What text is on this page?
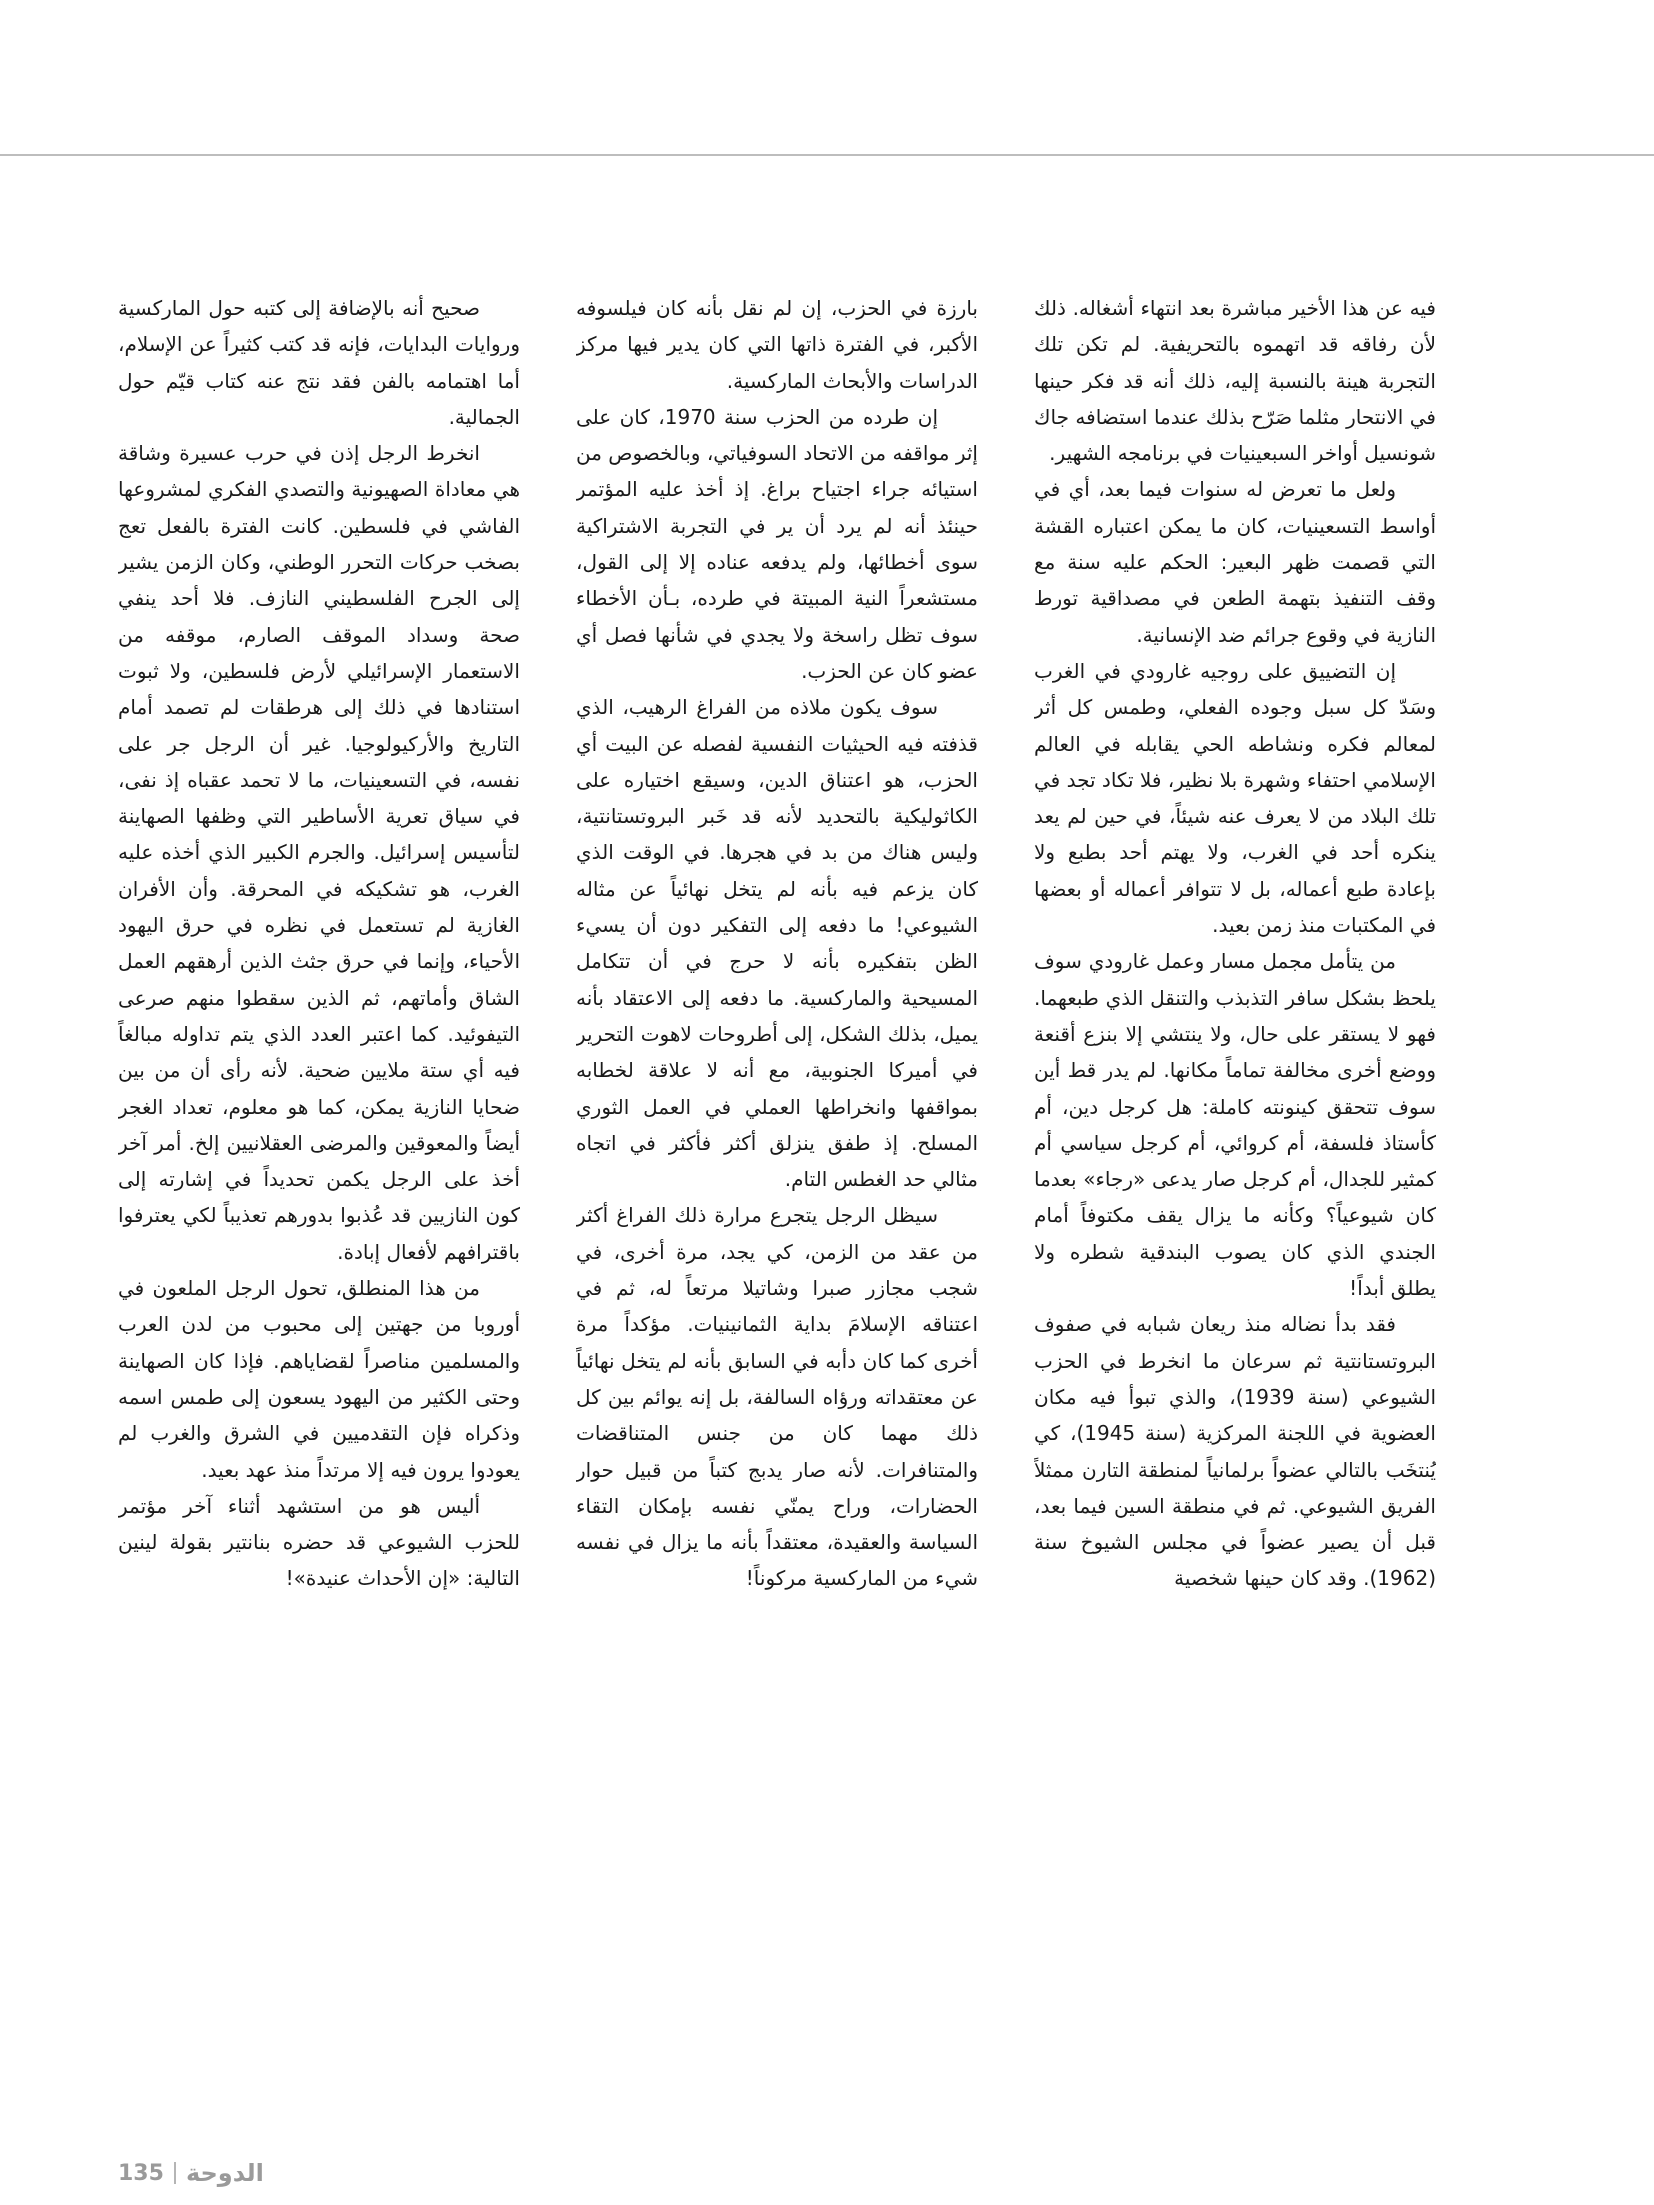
فيه عن هذا الأخير مباشرة بعد انتهاء أشغاله. ذلك لأن رفاقه قد اتهموه بالتحريفية. لم تكن تلك التجربة هينة بالنسبة إليه، ذلك أنه قد فكر حينها في الانتحار مثلما صَرّح بذلك عندما استضافه جاك شونسيل أواخر السبعينيات في برنامجه الشهير.

ولعل ما تعرض له سنوات فيما بعد، أي في أواسط التسعينيات، كان ما يمكن اعتباره القشة التي قصمت ظهر البعير: الحكم عليه سنة مع وقف التنفيذ بتهمة الطعن في مصداقية تورط النازية في وقوع جرائم ضد الإنسانية.

إن التضييق على روجيه غارودي في الغرب وسَدّ كل سبل وجوده الفعلي، وطمس كل أثر لمعالم فكره ونشاطه الحي يقابله في العالم الإسلامي احتفاء وشهرة بلا نظير، فلا تكاد تجد في تلك البلاد من لا يعرف عنه شيئاً، في حين لم يعد ينكره أحد في الغرب، ولا يهتم أحد بطبع ولا بإعادة طبع أعماله، بل لا تتوافر أعماله أو بعضها في المكتبات منذ زمن بعيد.

من يتأمل مجمل مسار وعمل غارودي سوف يلحظ بشكل سافر التذبذب والتنقل الذي طبعهما. فهو لا يستقر على حال، ولا ينتشي إلا بنزع أقنعة ووضع أخرى مخالفة تماماً مكانها. لم يدر قط أين سوف تتحقق كينونته كاملة: هل كرجل دين، أم كأستاذ فلسفة، أم كروائي، أم كرجل سياسي أم كمثير للجدال، أم كرجل صار يدعى «رجاء» بعدما كان شيوعياً؟ وكأنه ما يزال يقف مكتوفاً أمام الجندي الذي كان يصوب البندقية شطره ولا يطلق أبداً!

فقد بدأ نضاله منذ ريعان شبابه في صفوف البروتستانتية ثم سرعان ما انخرط في الحزب الشيوعي (سنة 1939)، والذي تبوأ فيه مكان العضوية في اللجنة المركزية (سنة 1945)، كي يُنتخَب بالتالي عضواً برلمانياً لمنطقة التارن ممثلاً الفريق الشيوعي. ثم في منطقة السين فيما بعد، قبل أن يصير عضواً في مجلس الشيوخ سنة (1962). وقد كان حينها شخصية

بارزة في الحزب، إن لم نقل بأنه كان فيلسوفه الأكبر، في الفترة ذاتها التي كان يدير فيها مركز الدراسات والأبحاث الماركسية.

إن طرده من الحزب سنة 1970، كان على إثر مواقفه من الاتحاد السوفياتي، وبالخصوص من استيائه جراء اجتياح براغ. إذ أخذ عليه المؤتمر حينئذ أنه لم يرد أن ير في التجربة الاشتراكية سوى أخطائها، ولم يدفعه عناده إلا إلى القول، مستشعراً النية المبيتة في طرده، بـأن الأخطاء سوف تظل راسخة ولا يجدي في شأنها فصل أي عضو كان عن الحزب.

سوف يكون ملاذه من الفراغ الرهيب، الذي قذفته فيه الحيثيات النفسية لفصله عن البيت أي الحزب، هو اعتناق الدين، وسيقع اختياره على الكاثوليكية بالتحديد لأنه قد خَبر البروتستانتية، وليس هناك من بد في هجرها. في الوقت الذي كان يزعم فيه بأنه لم يتخل نهائياً عن مثاله الشيوعي! ما دفعه إلى التفكير دون أن يسيء الظن بتفكيره بأنه لا حرج في أن تتكامل المسيحية والماركسية. ما دفعه إلى الاعتقاد بأنه يميل، بذلك الشكل، إلى أطروحات لاهوت التحرير في أميركا الجنوبية، مع أنه لا علاقة لخطابه بمواقفها وانخراطها العملي في العمل الثوري المسلح. إذ طفق ينزلق أكثر فأكثر في اتجاه مثالي حد الغطس التام.

سيظل الرجل يتجرع مرارة ذلك الفراغ أكثر من عقد من الزمن، كي يجد، مرة أخرى، في شجب مجازر صبرا وشاتيلا مرتعاً له، ثم في اعتناقه الإسلامَ بداية الثمانينيات. مؤكداً مرة أخرى كما كان دأبه في السابق بأنه لم يتخل نهائياً عن معتقداته ورؤاه السالفة، بل إنه يوائم بين كل ذلك مهما كان من جنس المتناقضات والمتنافرات. لأنه صار يدبج كتباً من قبيل حوار الحضارات، وراح يمنّي نفسه بإمكان التقاء السياسة والعقيدة، معتقداً بأنه ما يزال في نفسه شيء من الماركسية مركوناً!

صحيح أنه بالإضافة إلى كتبه حول الماركسية وروايات البدايات، فإنه قد كتب كثيراً عن الإسلام، أما اهتمامه بالفن فقد نتج عنه كتاب قيّم حول الجمالية.

انخرط الرجل إذن في حرب عسيرة وشاقة هي معاداة الصهيونية والتصدي الفكري لمشروعها الفاشي في فلسطين. كانت الفترة بالفعل تعج بصخب حركات التحرر الوطني، وكان الزمن يشير إلى الجرح الفلسطيني النازف. فلا أحد ينفي صحة وسداد الموقف الصارم، موقفه من الاستعمار الإسرائيلي لأرض فلسطين، ولا ثبوت استنادها في ذلك إلى هرطقات لم تصمد أمام التاريخ والأركيولوجيا. غير أن الرجل جر على نفسه، في التسعينيات، ما لا تحمد عقباه إذ نفى، في سياق تعرية الأساطير التي وظفها الصهاينة لتأسيس إسرائيل. والجرم الكبير الذي أخذه عليه الغرب، هو تشكيكه في المحرقة. وأن الأفران الغازية لم تستعمل في نظره في حرق اليهود الأحياء، وإنما في حرق جثث الذين أرهقهم العمل الشاق وأماتهم، ثم الذين سقطوا منهم صرعى التيفوئيد. كما اعتبر العدد الذي يتم تداوله مبالغاً فيه أي ستة ملايين ضحية. لأنه رأى أن من بين ضحايا النازية يمكن، كما هو معلوم، تعداد الغجر أيضاً والمعوقين والمرضى العقلانيين إلخ. أمر آخر أخذ على الرجل يكمن تحديداً في إشارته إلى كون النازيين قد عُذبوا بدورهم تعذيباً لكي يعترفوا باقترافهم لأفعال إبادة.

من هذا المنطلق، تحول الرجل الملعون في أوروبا من جهتين إلى محبوب من لدن العرب والمسلمين مناصراً لقضاياهم. فإذا كان الصهاينة وحتى الكثير من اليهود يسعون إلى طمس اسمه وذكراه فإن التقدميين في الشرق والغرب لم يعودوا يرون فيه إلا مرتداً منذ عهد بعيد.

أليس هو من استشهد أثناء آخر مؤتمر للحزب الشيوعي قد حضره بنانتير بقولة لينين التالية: «إن الأحداث عنيدة»!

135 الدوحة
